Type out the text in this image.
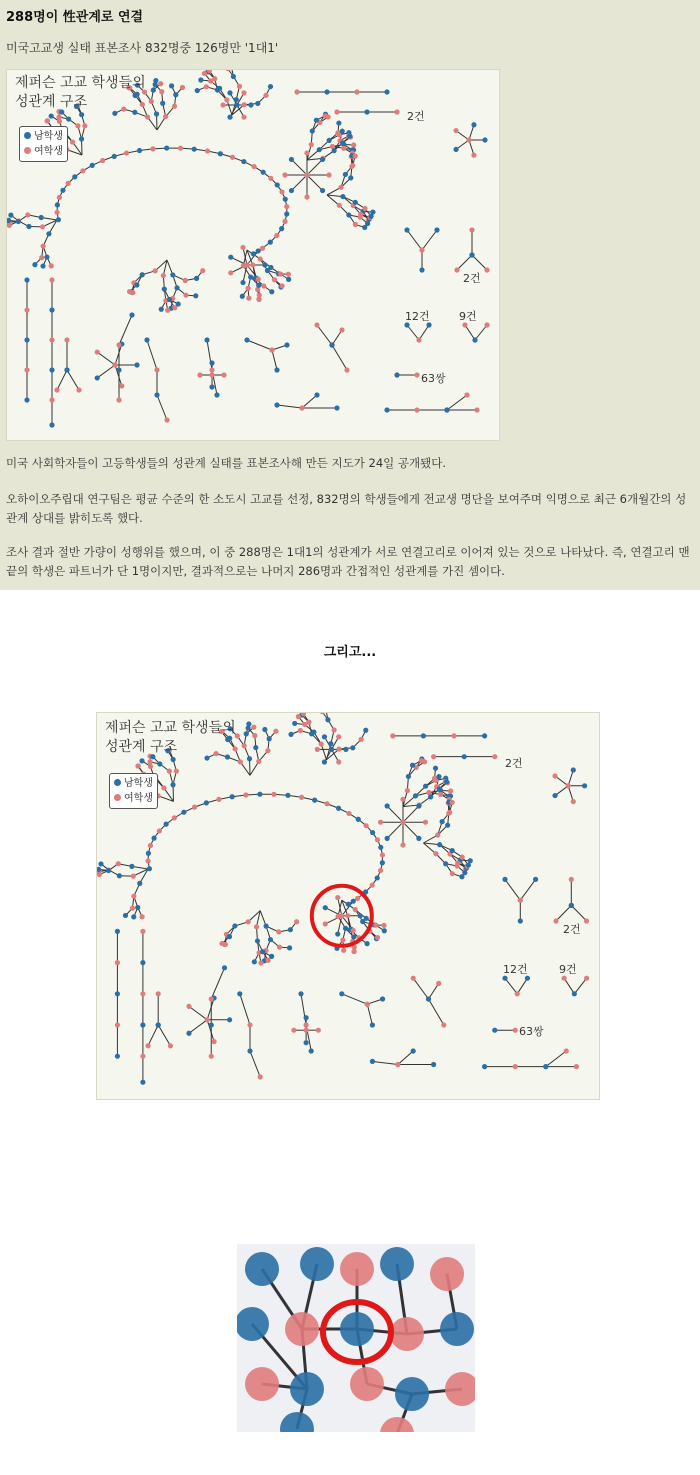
288명이 性관계로 연결
미국고교생 실태 표본조사 832명중 126명만 '1대1'
제퍼슨 고교 학생들의
성관계 구조
남학생
여학생
2건
2건
12건	9건
63쌍
미국 사회학자들이 고등학생들의 성관계 실태를 표본조사해 만든 지도가 24일 공개됐다.
오하이오주립대 연구팀은 평균 수준의 한 소도시 고교를 선정, 832명의 학생들에게 전교생 명단을 보여주며 익명으로 최근 6개월간의 성관계 상대를 밝히도록 했다.
조사 결과 절반 가량이 성행위를 했으며, 이 중 288명은 1대1의 성관계가 서로 연결고리로 이어져 있는 것으로 나타났다. 즉, 연결고리 맨끝의 학생은 파트너가 단 1명이지만, 결과적으로는 나머지 286명과 간접적인 성관계를 가진 셈이다.
그리고...
제퍼슨 고교 학생들의
성관계 구조
남학생
여학생
2건
2건
12건	9건
63쌍
